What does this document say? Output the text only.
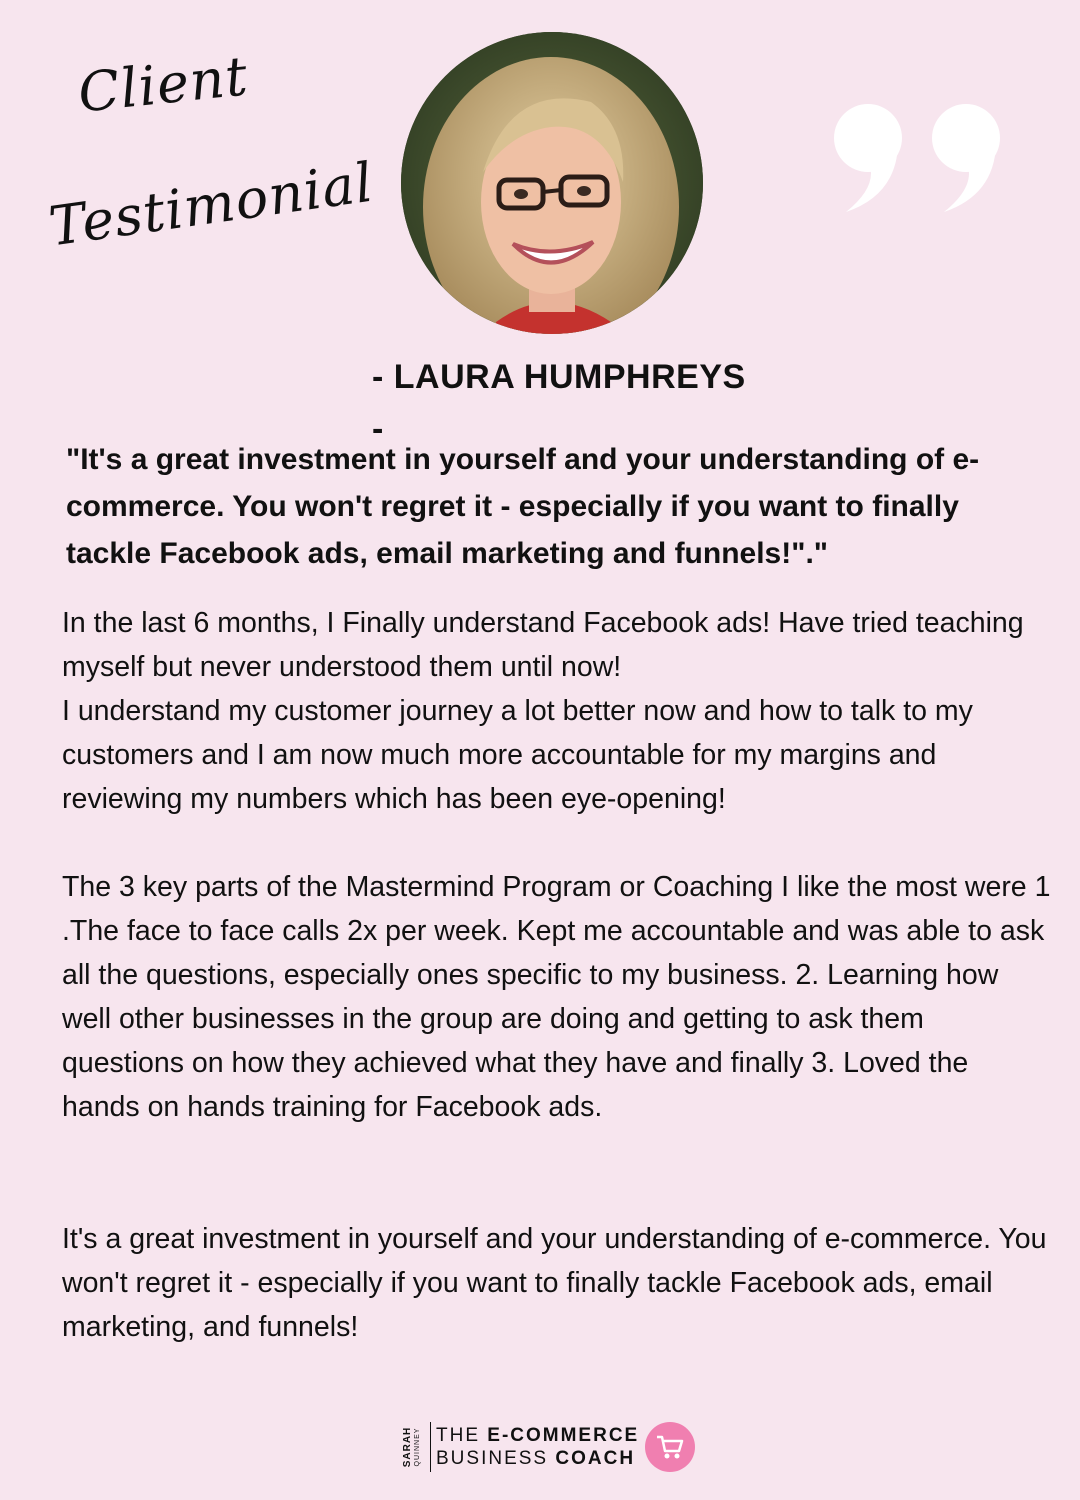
Client
Testimonial

- LAURA HUMPHREYS

-

"It's a great investment in yourself and your understanding of e-commerce. You won't regret it - especially if you want to finally tackle Facebook ads, email marketing and funnels!"."

In the last 6 months, I Finally understand Facebook ads! Have tried teaching myself but never understood them until now!
I understand my customer journey a lot better now and how to talk to my customers and I am now much more accountable for my margins and reviewing my numbers which has been eye-opening!

The 3 key parts of the Mastermind Program or Coaching I like the most were 1 .The face to face calls 2x per week. Kept me accountable and was able to ask all the questions, especially ones specific to my business. 2. Learning how well other businesses in the group are doing and getting to ask them questions on how they achieved what they have and finally 3. Loved the hands on hands training for Facebook ads.

It's a great investment in yourself and your understanding of e-commerce. You won't regret it - especially if you want to finally tackle Facebook ads, email marketing, and funnels!

SARAH QUINNEY THE E-COMMERCE
BUSINESS COACH
